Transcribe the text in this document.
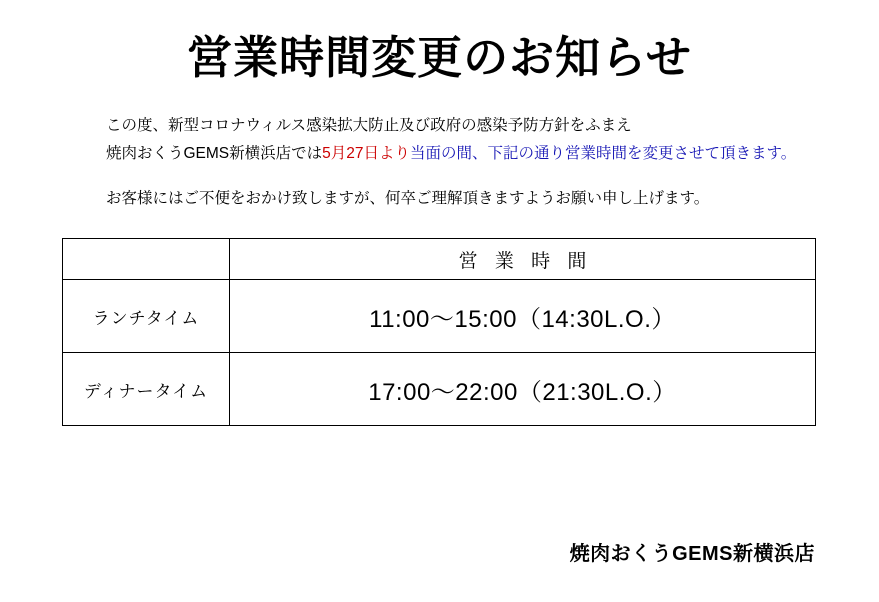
営業時間変更のお知らせ

この度、新型コロナウィルス感染拡大防止及び政府の感染予防方針をふまえ

焼肉おくうGEMS新横浜店では5月27日より当面の間、下記の通り営業時間を変更させて頂きます。

お客様にはご不便をおかけ致しますが、何卒ご理解頂きますようお願い申し上げます。

	営 業 時 間
ランチタイム	11:00〜15:00（14:30L.O.）
ディナータイム	17:00〜22:00（21:30L.O.）
焼肉おくうGEMS新横浜店
